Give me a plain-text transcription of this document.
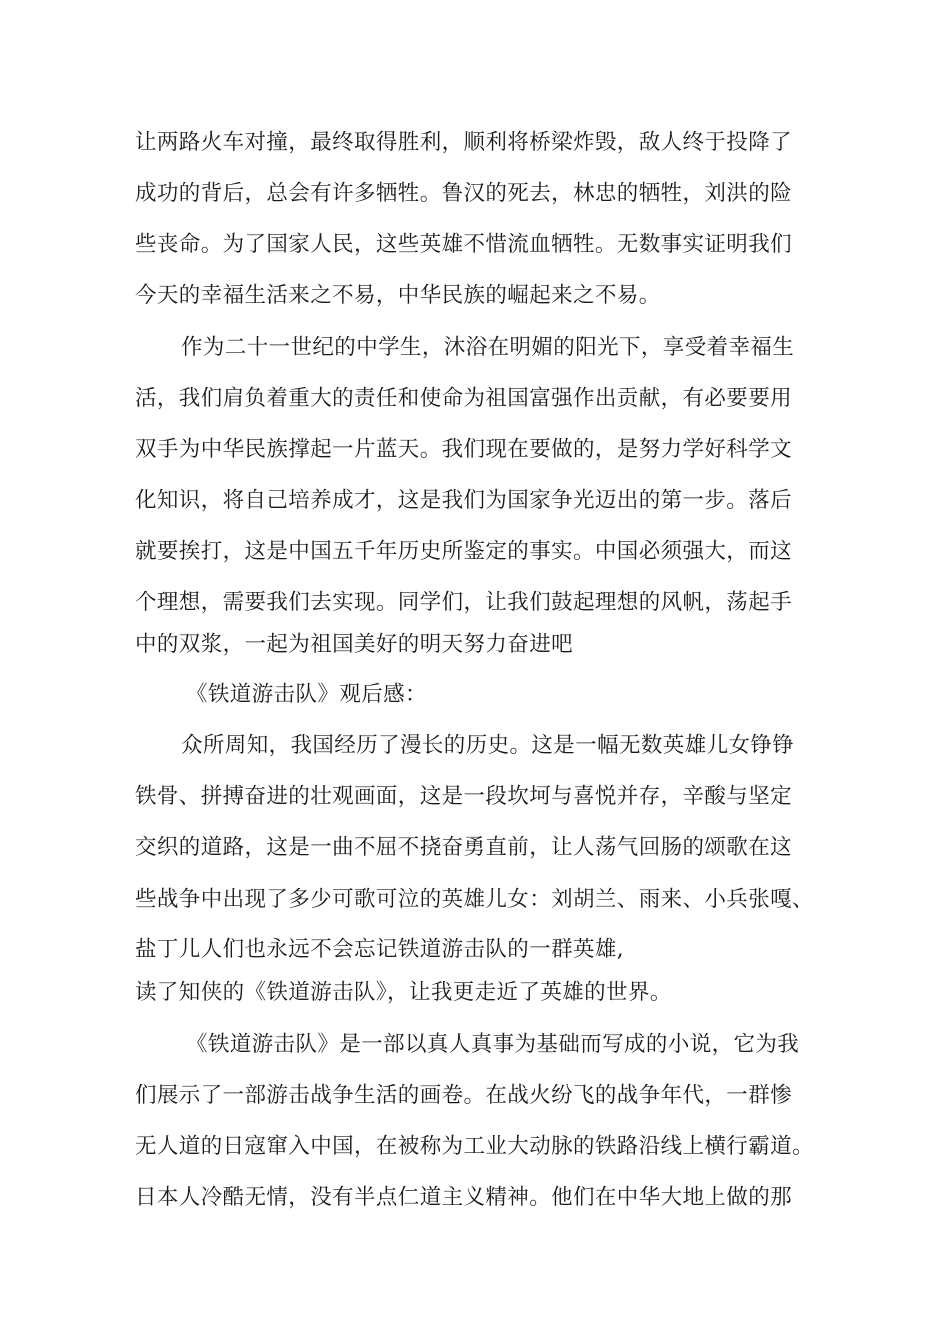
让两路火车对撞，最终取得胜利，顺利将桥梁炸毁，敌人终于投降了
成功的背后，总会有许多牺牲。鲁汉的死去，林忠的牺牲，刘洪的险
些丧命。为了国家人民，这些英雄不惜流血牺牲。无数事实证明我们
今天的幸福生活来之不易，中华民族的崛起来之不易。
作为二十一世纪的中学生，沐浴在明媚的阳光下，享受着幸福生
活，我们肩负着重大的责任和使命为祖国富强作出贡献，有必要要用
双手为中华民族撑起一片蓝天。我们现在要做的，是努力学好科学文
化知识，将自己培养成才，这是我们为国家争光迈出的第一步。落后
就要挨打，这是中国五千年历史所鉴定的事实。中国必须强大，而这
个理想，需要我们去实现。同学们，让我们鼓起理想的风帆，荡起手
中的双浆，一起为祖国美好的明天努力奋进吧
《铁道游击队》观后感：
众所周知，我国经历了漫长的历史。这是一幅无数英雄儿女铮铮
铁骨、拼搏奋进的壮观画面，这是一段坎坷与喜悦并存，辛酸与坚定
交织的道路，这是一曲不屈不挠奋勇直前，让人荡气回肠的颂歌在这
些战争中出现了多少可歌可泣的英雄儿女：刘胡兰、雨来、小兵张嘎、
盐丁儿人们也永远不会忘记铁道游击队的一群英雄,
读了知侠的《铁道游击队》，让我更走近了英雄的世界。
《铁道游击队》是一部以真人真事为基础而写成的小说，它为我
们展示了一部游击战争生活的画卷。在战火纷飞的战争年代，一群惨
无人道的日寇窜入中国，在被称为工业大动脉的铁路沿线上横行霸道。
日本人冷酷无情，没有半点仁道主义精神。他们在中华大地上做的那
